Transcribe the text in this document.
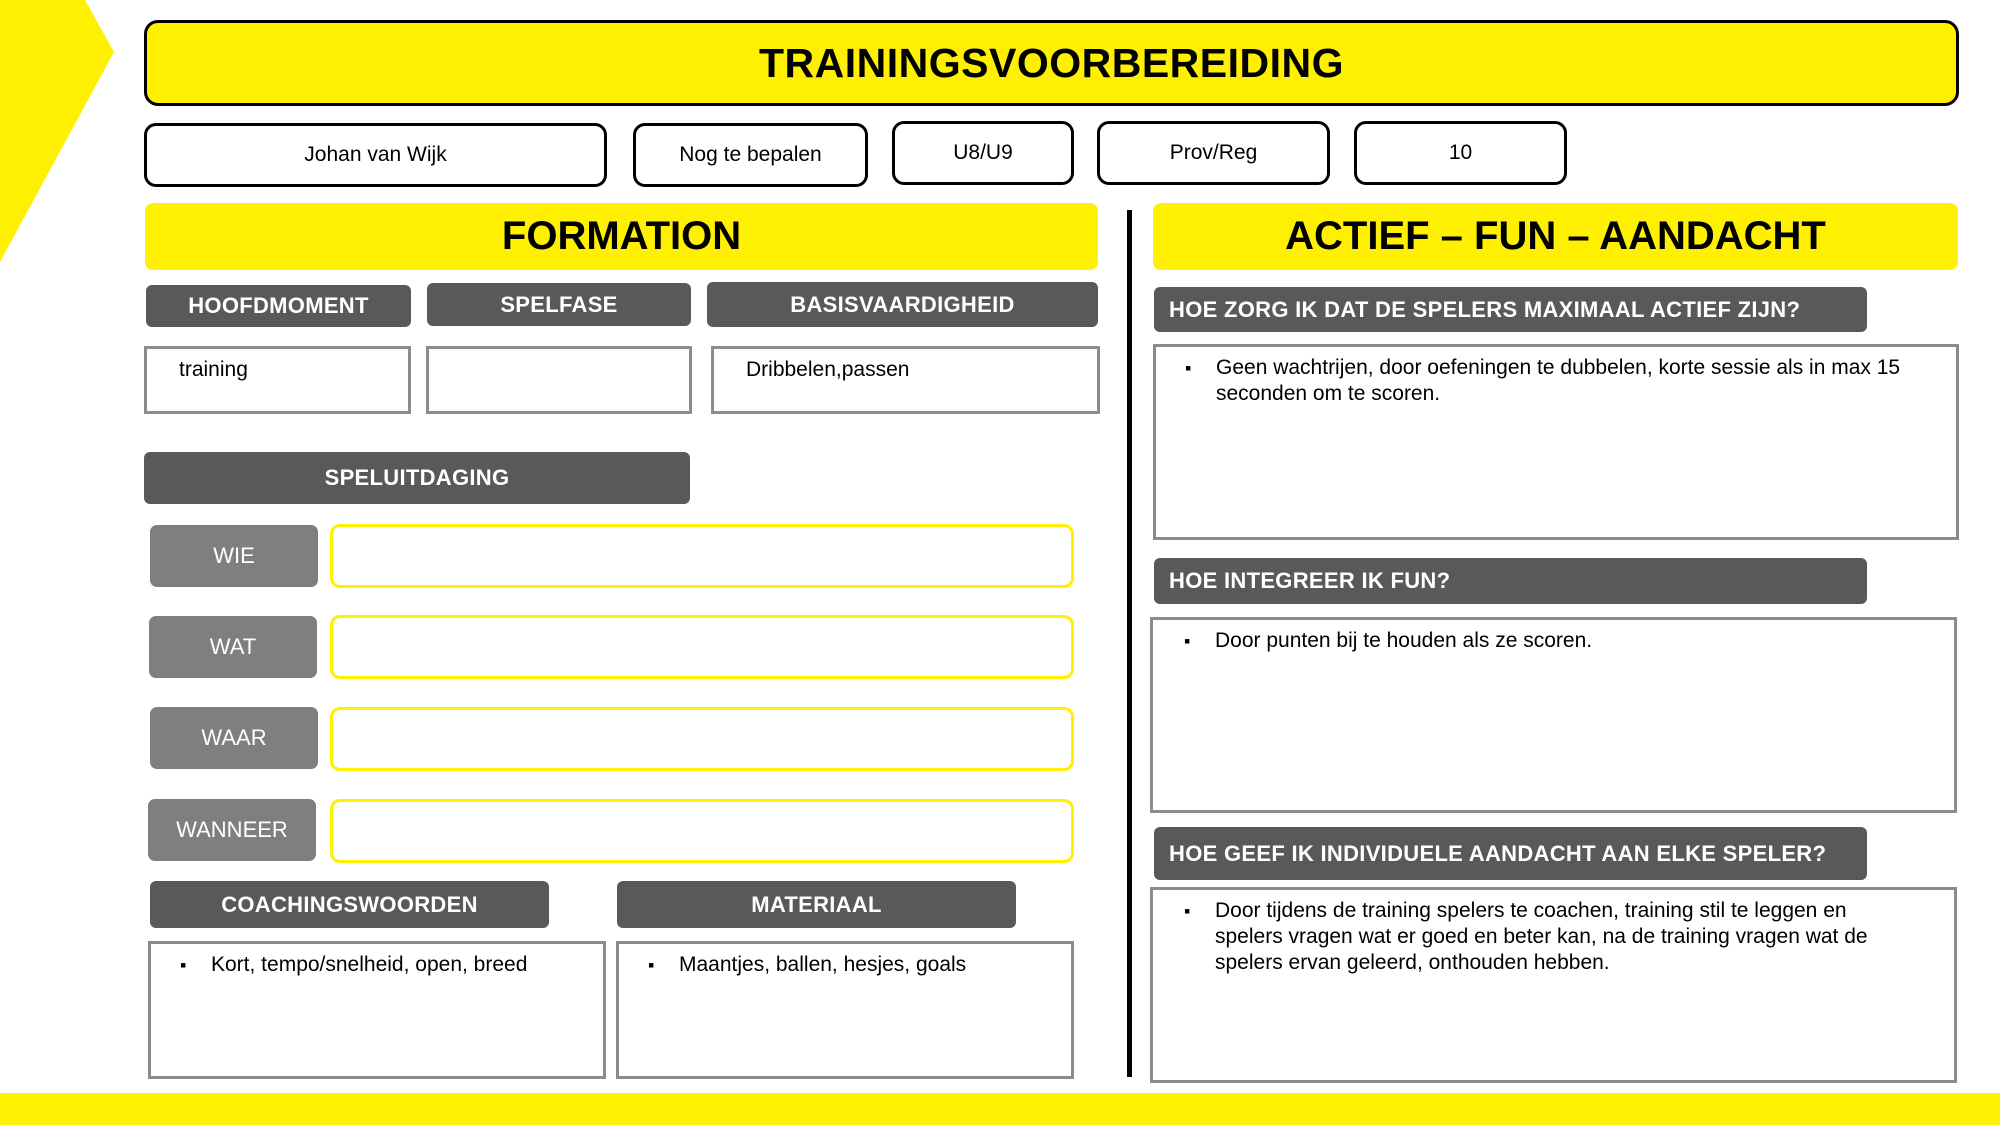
TRAININGSVOORBEREIDING
Johan van Wijk	Nog te bepalen	U8/U9	Prov/Reg	10
FORMATION
HOOFDMOMENT	SPELFASE	BASISVAARDIGHEID
training	Dribbelen,passen
SPELUITDAGING
WIE
WAT
WAAR
WANNEER
COACHINGSWOORDEN	MATERIAAL
▪ Kort, tempo/snelheid, open, breed
▪	Maantjes, ballen, hesjes, goals
ACTIEF – FUN – AANDACHT
HOE ZORG IK DAT DE SPELERS MAXIMAAL ACTIEF ZIJN?
▪ Geen wachtrijen, door oefeningen te dubbelen, korte sessie als in max 15 seconden om te scoren.
HOE INTEGREER IK FUN?
▪ Door punten bij te houden als ze scoren.
HOE GEEF IK INDIVIDUELE AANDACHT AAN ELKE SPELER?
▪ Door tijdens de training spelers te coachen, training stil te leggen en spelers vragen wat er goed en beter kan, na de training vragen wat de spelers ervan geleerd, onthouden hebben.
